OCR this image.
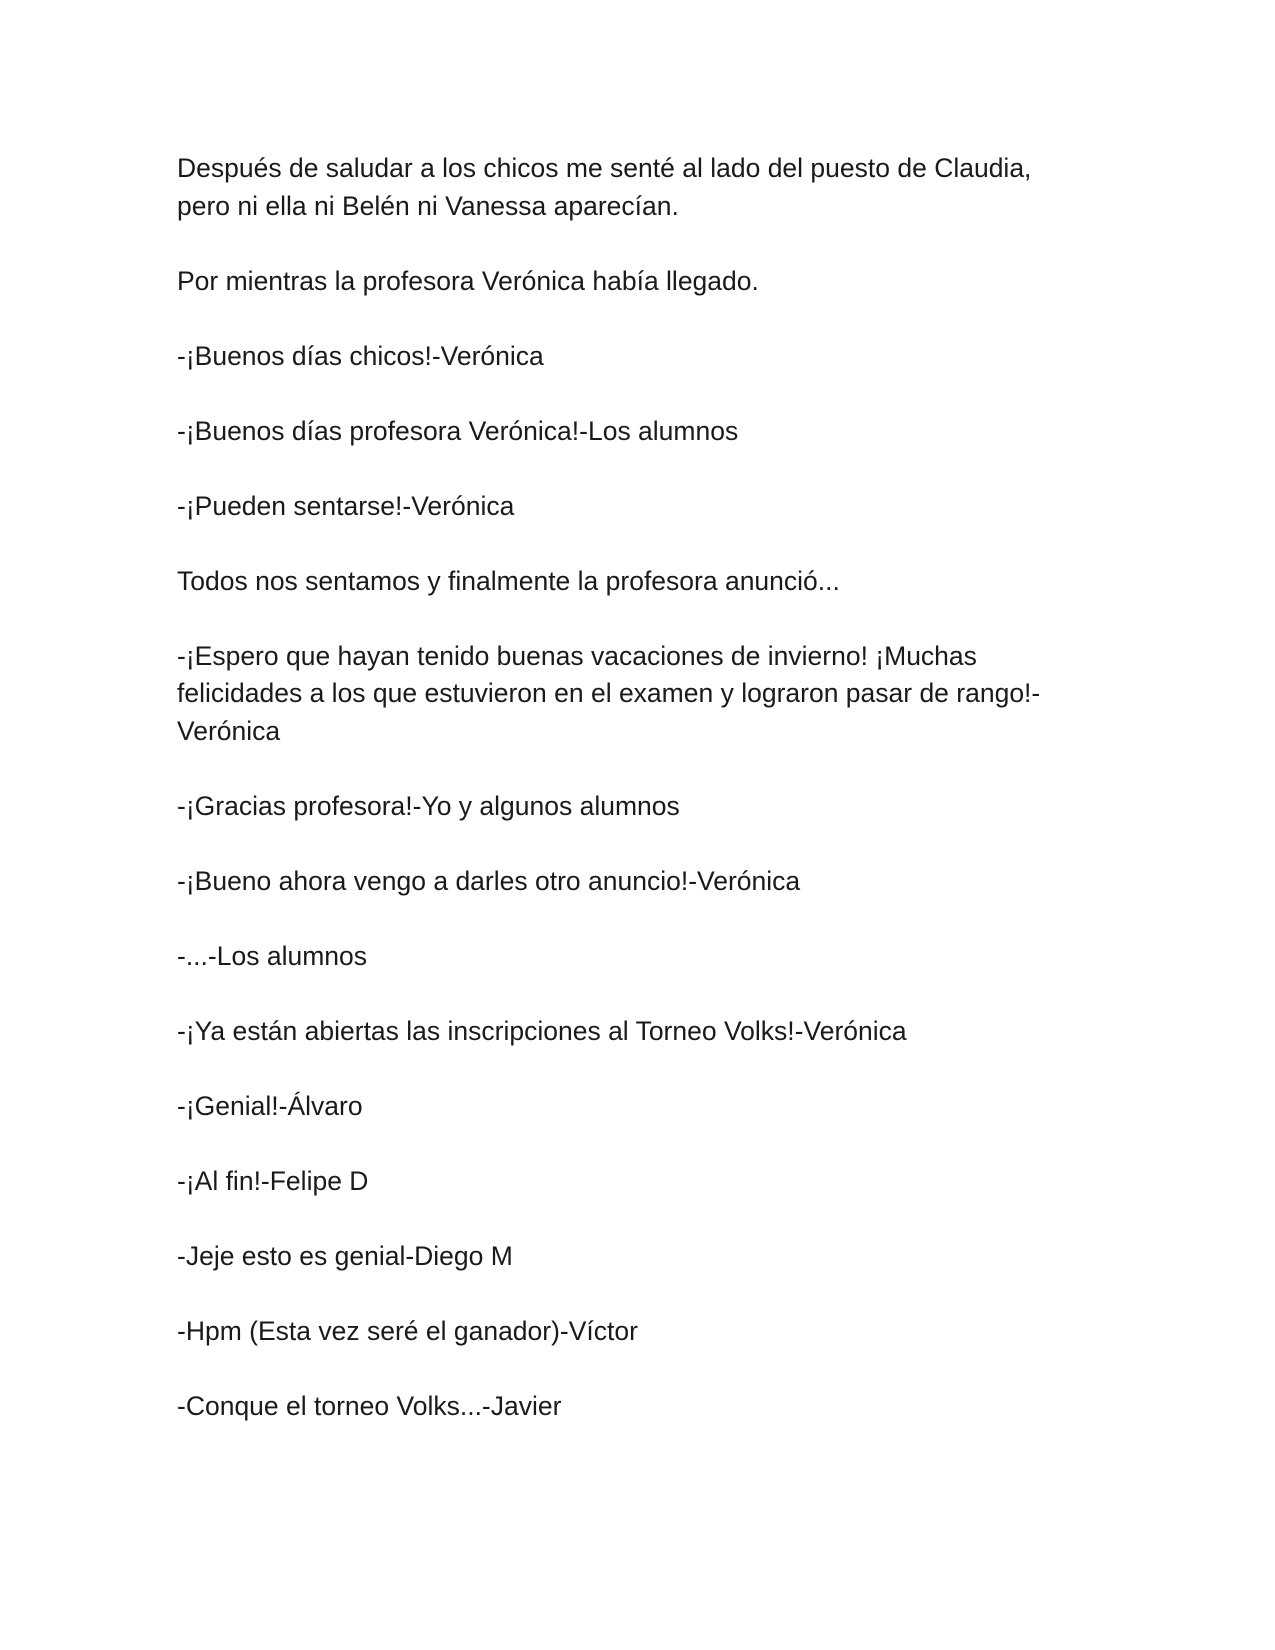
Después de saludar a los chicos me senté al lado del puesto de Claudia,
pero ni ella ni Belén ni Vanessa aparecían.

Por mientras la profesora Verónica había llegado.

-¡Buenos días chicos!-Verónica

-¡Buenos días profesora Verónica!-Los alumnos

-¡Pueden sentarse!-Verónica

Todos nos sentamos y finalmente la profesora anunció...

-¡Espero que hayan tenido buenas vacaciones de invierno! ¡Muchas
felicidades a los que estuvieron en el examen y lograron pasar de rango!-
Verónica

-¡Gracias profesora!-Yo y algunos alumnos

-¡Bueno ahora vengo a darles otro anuncio!-Verónica

-...-Los alumnos

-¡Ya están abiertas las inscripciones al Torneo Volks!-Verónica

-¡Genial!-Álvaro

-¡Al fin!-Felipe D

-Jeje esto es genial-Diego M

-Hpm (Esta vez seré el ganador)-Víctor

-Conque el torneo Volks...-Javier
